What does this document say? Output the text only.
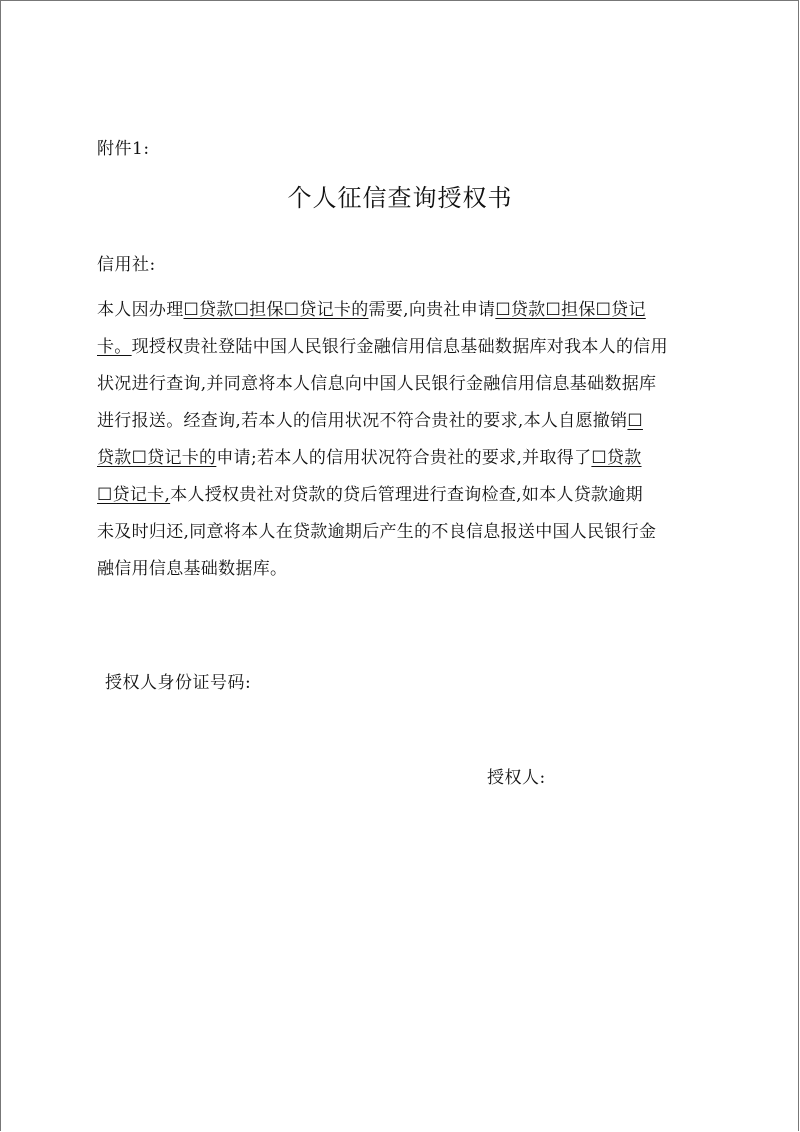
附件1:
个人征信查询授权书
信用社:
本人因办理☐贷款☐担保☐贷记卡的需要,向贵社申请☐贷款☐担保☐贷记
卡。现授权贵社登陆中国人民银行金融信用信息基础数据库对我本人的信用
状况进行查询,并同意将本人信息向中国人民银行金融信用信息基础数据库
进行报送。经查询,若本人的信用状况不符合贵社的要求,本人自愿撤销☐
贷款☐贷记卡的申请;若本人的信用状况符合贵社的要求,并取得了☐贷款
☐贷记卡,本人授权贵社对贷款的贷后管理进行查询检查,如本人贷款逾期
未及时归还,同意将本人在贷款逾期后产生的不良信息报送中国人民银行金
融信用信息基础数据库。
授权人身份证号码:
授权人:
